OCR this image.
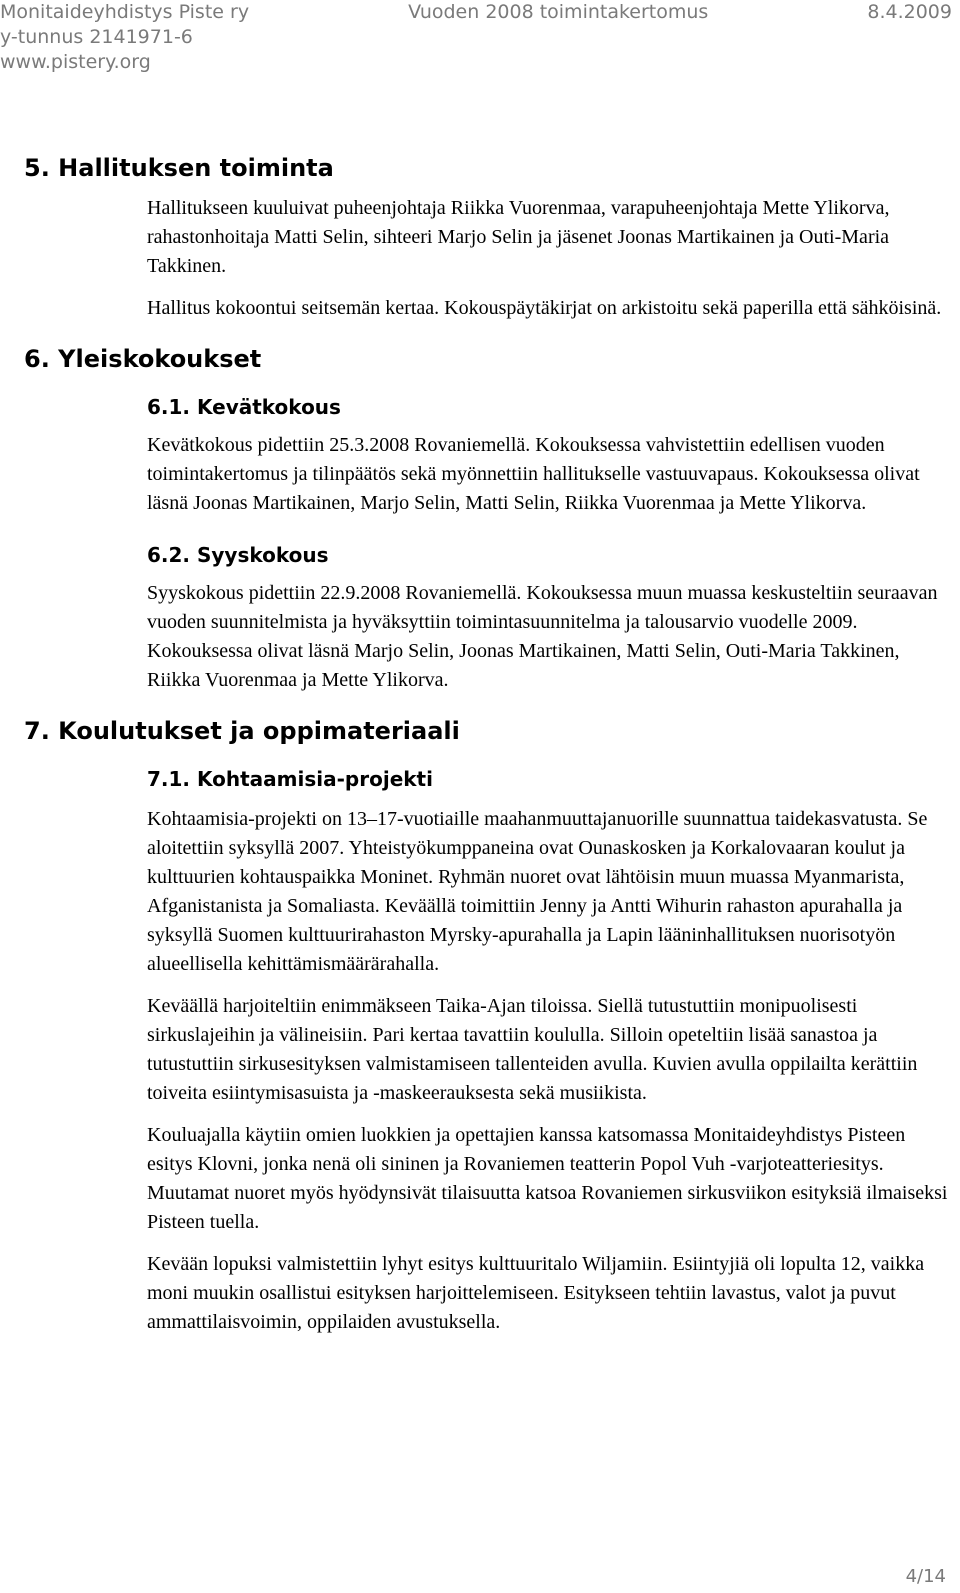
Monitaideyhdistys Piste ry	Vuoden 2008 toimintakertomus	8.4.2009
y-tunnus 2141971-6
www.pistery.org
5. Hallituksen toiminta

Hallitukseen kuuluivat puheenjohtaja Riikka Vuorenmaa, varapuheenjohtaja Mette Ylikorva, rahastonhoitaja Matti Selin, sihteeri Marjo Selin ja jäsenet Joonas Martikainen ja Outi-Maria Takkinen.

Hallitus kokoontui seitsemän kertaa. Kokouspäytäkirjat on arkistoitu sekä paperilla että sähköisinä.

6. Yleiskokoukset
6.1. Kevätkokous

Kevätkokous pidettiin 25.3.2008 Rovaniemellä. Kokouksessa vahvistettiin edellisen vuoden toimintakertomus ja tilinpäätös sekä myönnettiin hallitukselle vastuuvapaus. Kokouksessa olivat läsnä Joonas Martikainen, Marjo Selin, Matti Selin, Riikka Vuorenmaa ja Mette Ylikorva.

6.2. Syyskokous

Syyskokous pidettiin 22.9.2008 Rovaniemellä. Kokouksessa muun muassa keskusteltiin seuraavan vuoden suunnitelmista ja hyväksyttiin toimintasuunnitelma ja talousarvio vuodelle 2009. Kokouksessa olivat läsnä Marjo Selin, Joonas Martikainen, Matti Selin, Outi-Maria Takkinen, Riikka Vuorenmaa ja Mette Ylikorva.

7. Koulutukset ja oppimateriaali
7.1. Kohtaamisia-projekti

Kohtaamisia-projekti on 13–17-vuotiaille maahanmuuttajanuorille suunnattua taidekasvatusta. Se aloitettiin syksyllä 2007. Yhteistyökumppaneina ovat Ounaskosken ja Korkalovaaran koulut ja kulttuurien kohtauspaikka Moninet. Ryhmän nuoret ovat lähtöisin muun muassa Myanmarista, Afganistanista ja Somaliasta. Keväällä toimittiin Jenny ja Antti Wihurin rahaston apurahalla ja syksyllä Suomen kulttuurirahaston Myrsky-apurahalla ja Lapin lääninhallituksen nuorisotyön alueellisella kehittämismäärärahalla.

Keväällä harjoiteltiin enimmäkseen Taika-Ajan tiloissa. Siellä tutustuttiin monipuolisesti sirkuslajeihin ja välineisiin. Pari kertaa tavattiin koululla. Silloin opeteltiin lisää sanastoa ja tutustuttiin sirkusesityksen valmistamiseen tallenteiden avulla. Kuvien avulla oppilailta kerättiin toiveita esiintymisasuista ja -maskeerauksesta sekä musiikista.

Kouluajalla käytiin omien luokkien ja opettajien kanssa katsomassa Monitaideyhdistys Pisteen esitys Klovni, jonka nenä oli sininen ja Rovaniemen teatterin Popol Vuh -varjoteatteriesitys. Muutamat nuoret myös hyödynsivät tilaisuutta katsoa Rovaniemen sirkusviikon esityksiä ilmaiseksi Pisteen tuella.

Kevään lopuksi valmistettiin lyhyt esitys kulttuuritalo Wiljamiin. Esiintyjiä oli lopulta 12, vaikka moni muukin osallistui esityksen harjoittelemiseen. Esitykseen tehtiin lavastus, valot ja puvut ammattilaisvoimin, oppilaiden avustuksella.

4/14
